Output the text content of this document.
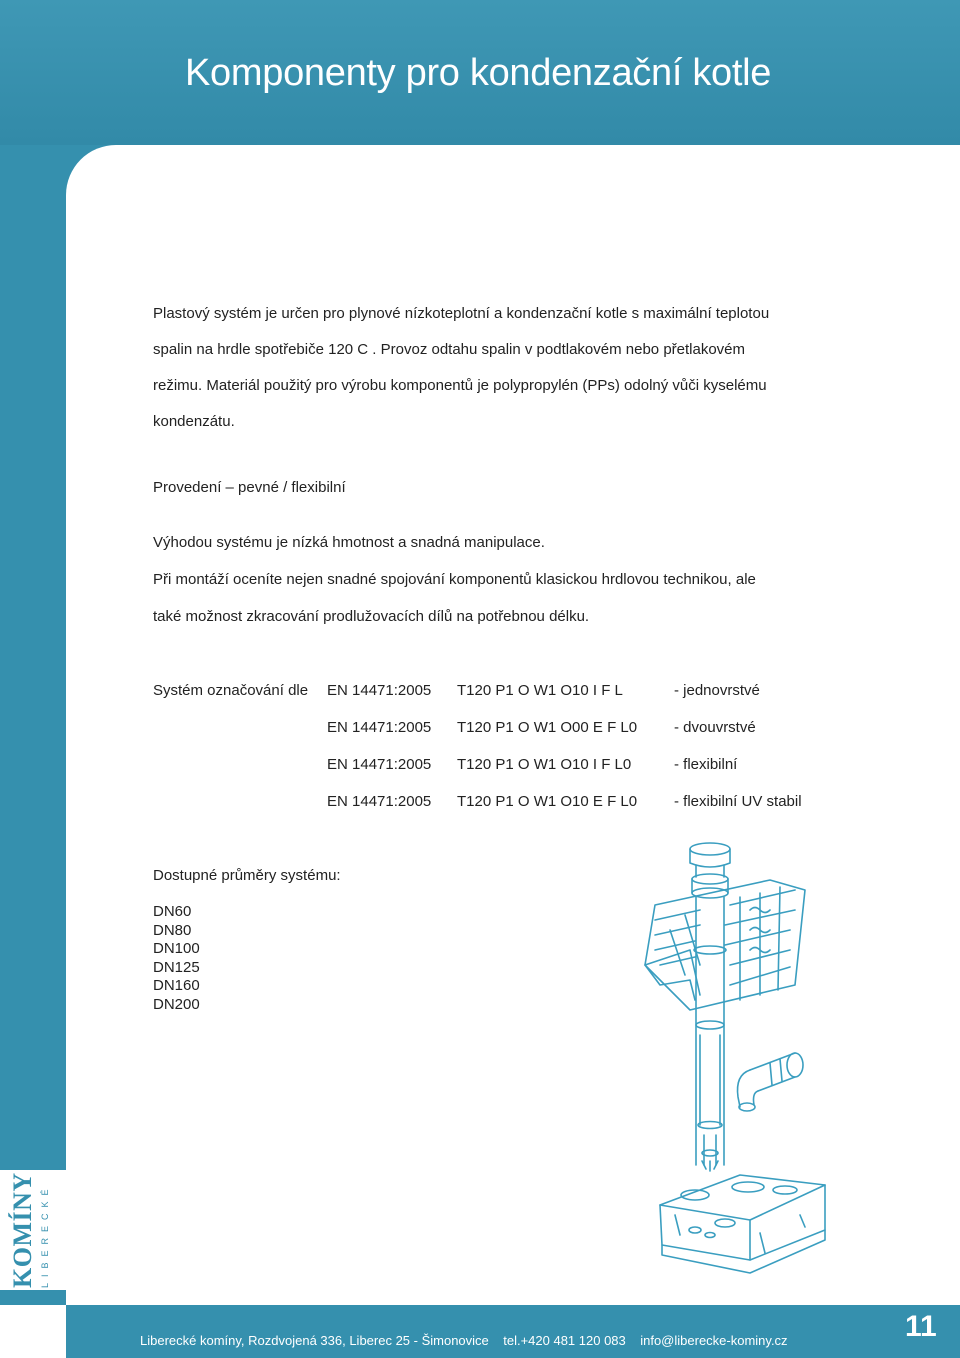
Komponenty pro kondenzační kotle
Plastový systém je určen pro plynové nízkoteplotní a kondenzační kotle s maximální teplotou
spalin na hrdle spotřebiče 120 C . Provoz odtahu spalin v podtlakovém nebo přetlakovém
režimu. Materiál použitý pro výrobu komponentů je polypropylén (PPs) odolný vůči kyselému
kondenzátu.
Provedení – pevné / flexibilní
Výhodou systému je nízká hmotnost a snadná manipulace.
Při montáží oceníte nejen snadné spojování komponentů klasickou hrdlovou technikou, ale
také možnost zkracování prodlužovacích dílů na potřebnou délku.
Systém označování dle EN 14471:2005 T120 P1 O W1 O10 I F L	- jednovrstvé
EN 14471:2005 T120 P1 O W1 O00 E F L0 - dvouvrstvé
EN 14471:2005 T120 P1 O W1 O10 I F L0	- flexibilní
EN 14471:2005 T120 P1 O W1 O10 E F L0 - flexibilní UV stabil
Dostupné průměry systému:
DN60
DN80
DN100
DN125
DN160
DN200
KOMÍNY LIBERECKÉ
Liberecké komíny, Rozdvojená 336, Liberec 25 - Šimonovice tel.+420 481 120 083 info@liberecke-kominy.cz	11
